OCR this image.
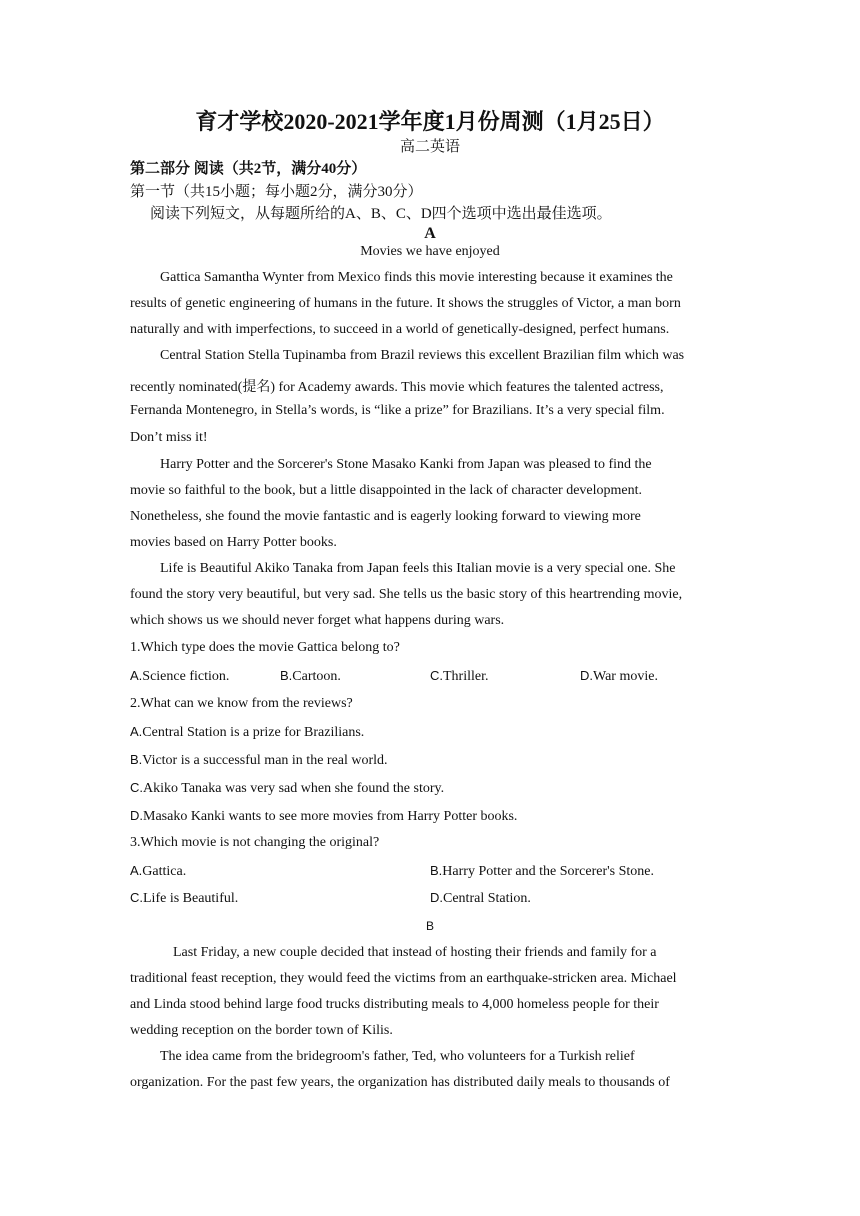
育才学校2020-2021学年度1月份周测（1月25日）
高二英语
第二部分 阅读（共2节，满分40分）
第一节（共15小题；每小题2分，满分30分）
阅读下列短文，从每题所给的A、B、C、D四个选项中选出最佳选项。
A
Movies we have enjoyed
Gattica Samantha Wynter from Mexico finds this movie interesting because it examines the
results of genetic engineering of humans in the future. It shows the struggles of Victor, a man born
naturally and with imperfections, to succeed in a world of genetically-designed, perfect humans.
Central Station Stella Tupinamba from Brazil reviews this excellent Brazilian film which was
recently nominated(提名) for Academy awards. This movie which features the talented actress,
Fernanda Montenegro, in Stella’s words, is “like a prize” for Brazilians. It’s a very special film.
Don’t miss it!
Harry Potter and the Sorcerer's Stone Masako Kanki from Japan was pleased to find the
movie so faithful to the book, but a little disappointed in the lack of character development.
Nonetheless, she found the movie fantastic and is eagerly looking forward to viewing more
movies based on Harry Potter books.
Life is Beautiful Akiko Tanaka from Japan feels this Italian movie is a very special one. She
found the story very beautiful, but very sad. She tells us the basic story of this heartrending movie,
which shows us we should never forget what happens during wars.
1.Which type does the movie Gattica belong to?
A.Science fiction.	B.Cartoon.	C.Thriller.	D.War movie.
2.What can we know from the reviews?
A.Central Station is a prize for Brazilians.
B.Victor is a successful man in the real world.
C.Akiko Tanaka was very sad when she found the story.
D.Masako Kanki wants to see more movies from Harry Potter books.
3.Which movie is not changing the original?
A.Gattica.	B.Harry Potter and the Sorcerer's Stone.
C.Life is Beautiful.	D.Central Station.
B
Last Friday, a new couple decided that instead of hosting their friends and family for a
traditional feast reception, they would feed the victims from an earthquake-stricken area. Michael
and Linda stood behind large food trucks distributing meals to 4,000 homeless people for their
wedding reception on the border town of Kilis.
The idea came from the bridegroom's father, Ted, who volunteers for a Turkish relief
organization. For the past few years, the organization has distributed daily meals to thousands of
